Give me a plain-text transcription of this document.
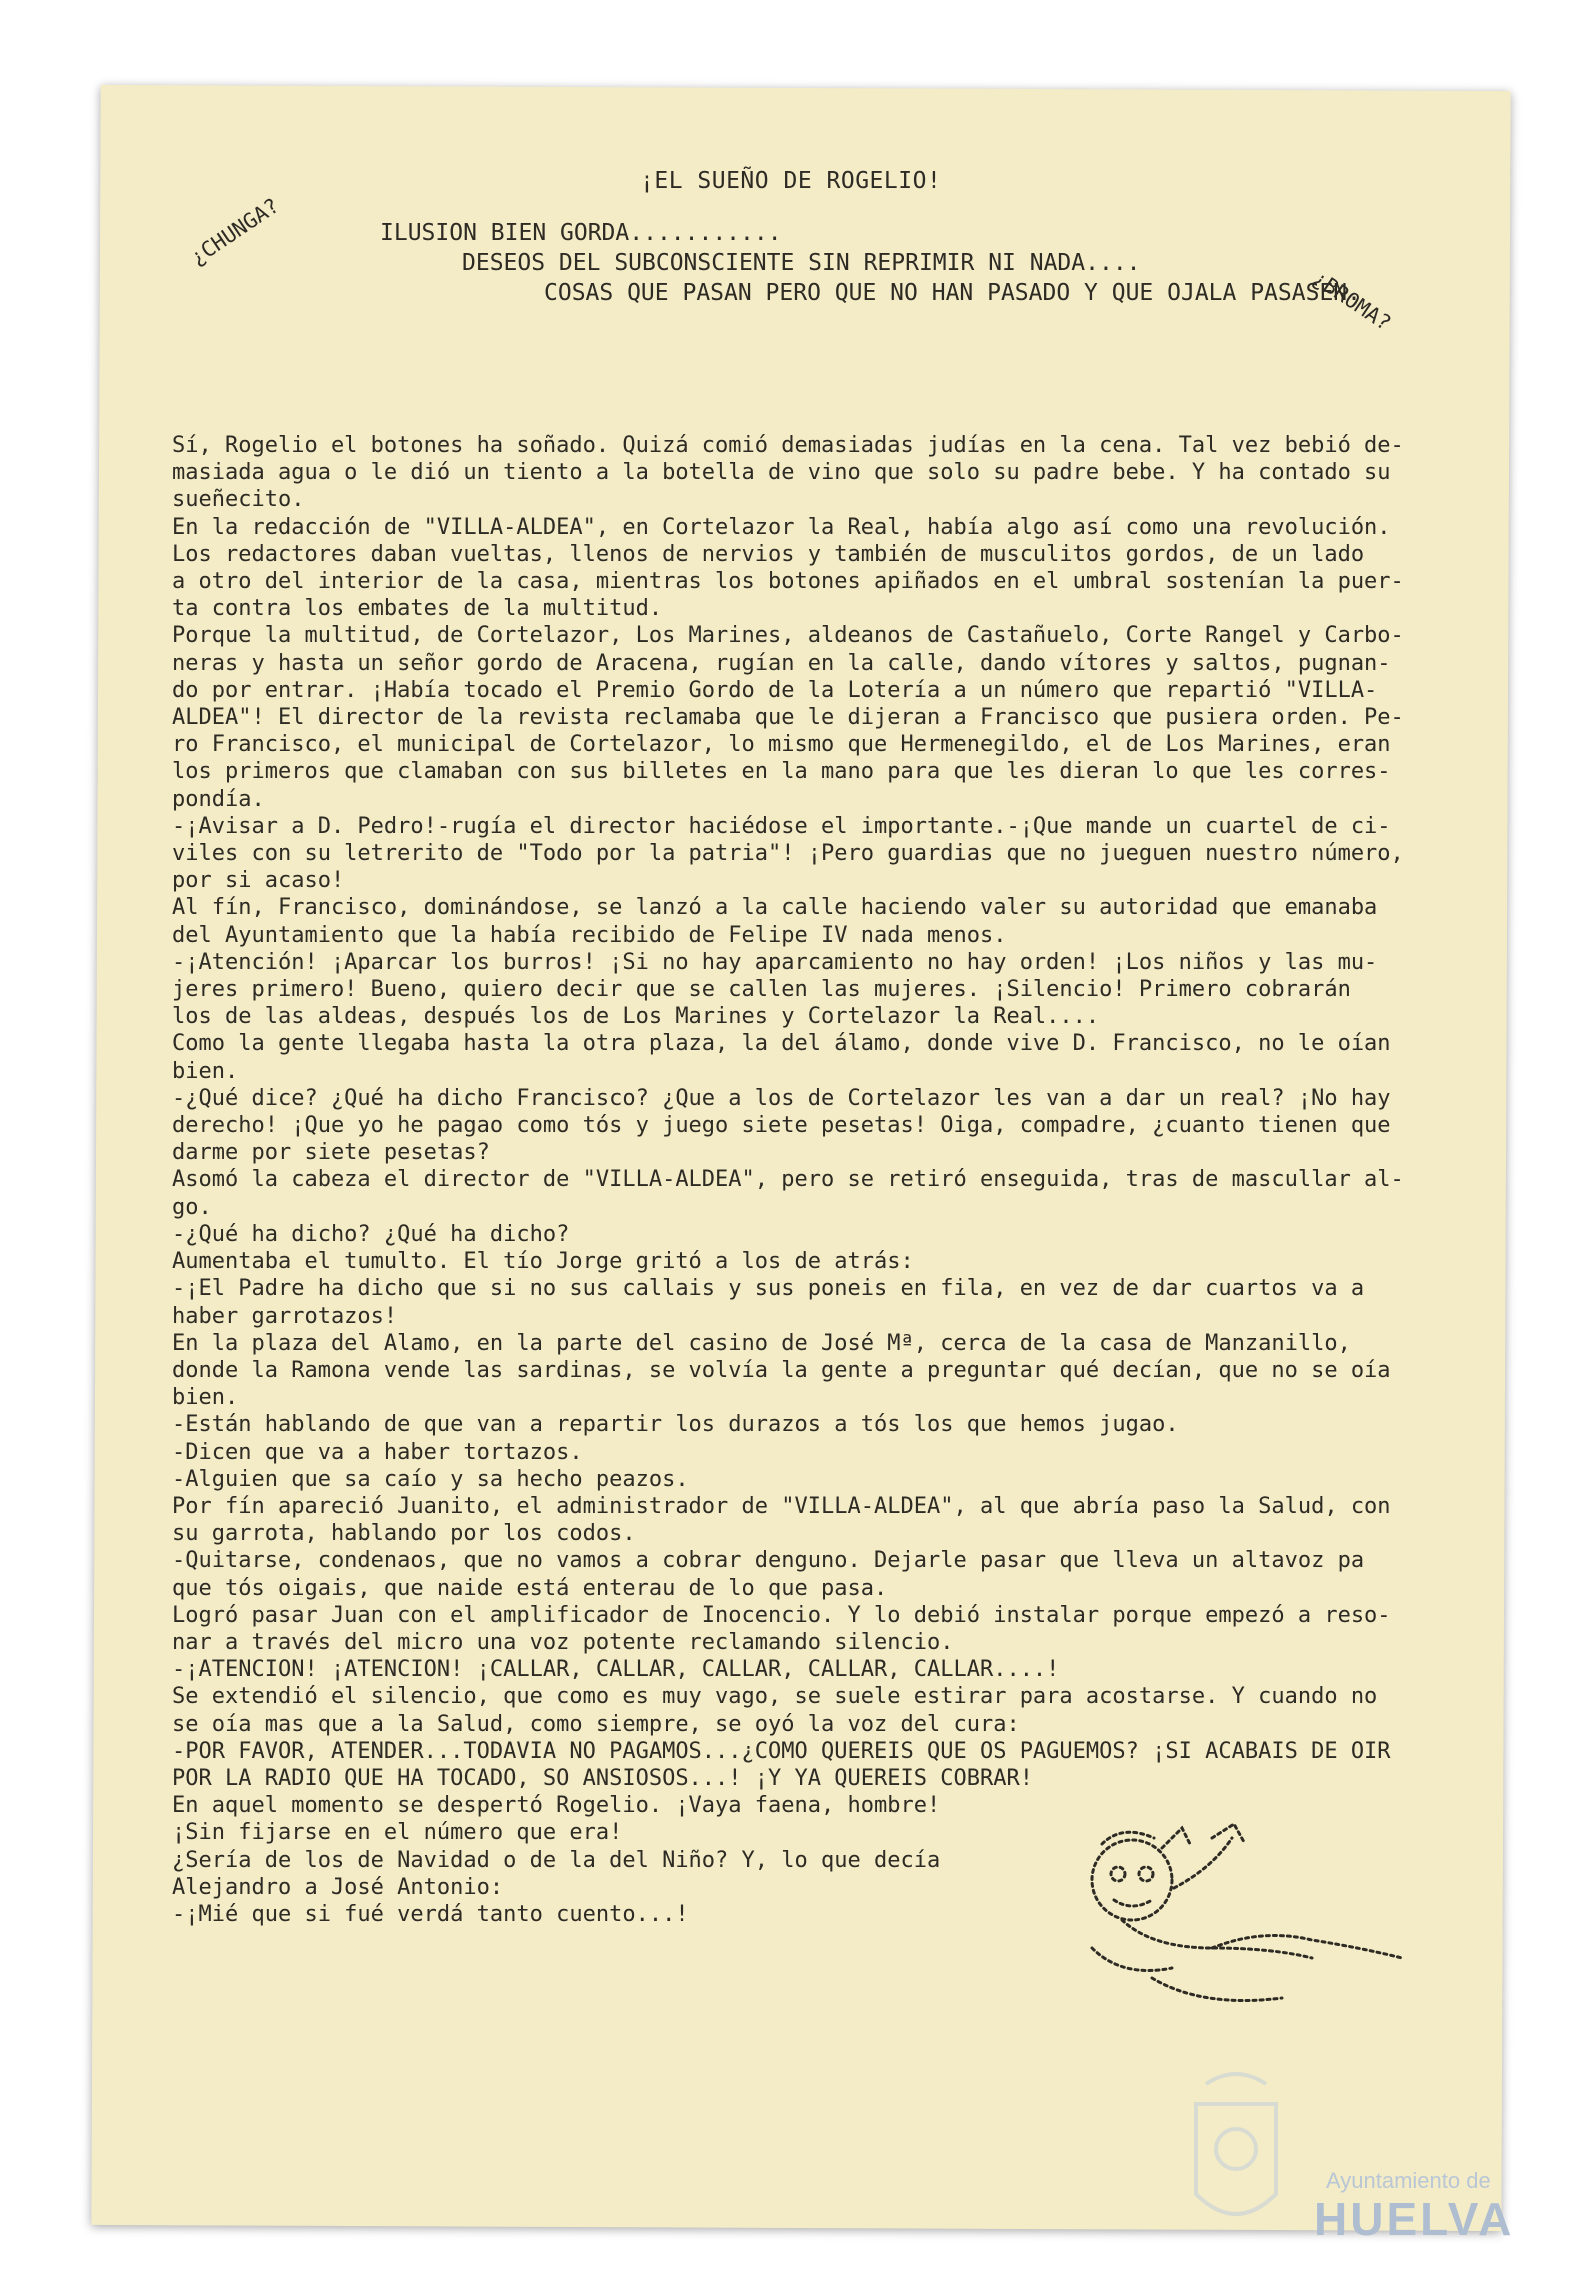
¡EL SUEÑO DE ROGELIO!

¿CHUNGA?

¿BROMA?

ILUSION BIEN GORDA...........

DESEOS DEL SUBCONSCIENTE SIN REPRIMIR NI NADA....

COSAS QUE PASAN PERO QUE NO HAN PASADO Y QUE OJALA PASASEN.

Sí, Rogelio el botones ha soñado. Quizá comió demasiadas judías en la cena. Tal vez bebió de-

masiada agua o le dió un tiento a la botella de vino que solo su padre bebe. Y ha contado su

sueñecito.

En la redacción de "VILLA-ALDEA", en Cortelazor la Real, había algo así como una revolución.

Los redactores daban vueltas, llenos de nervios y también de musculitos gordos, de un lado

a otro del interior de la casa, mientras los botones apiñados en el umbral sostenían la puer-

ta contra los embates de la multitud.

Porque la multitud, de Cortelazor, Los Marines, aldeanos de Castañuelo, Corte Rangel y Carbo-

neras y hasta un señor gordo de Aracena, rugían en la calle, dando vítores y saltos, pugnan-

do por entrar. ¡Había tocado el Premio Gordo de la Lotería a un número que repartió "VILLA-

ALDEA"! El director de la revista reclamaba que le dijeran a Francisco que pusiera orden. Pe-

ro Francisco, el municipal de Cortelazor, lo mismo que Hermenegildo, el de Los Marines, eran

los primeros que clamaban con sus billetes en la mano para que les dieran lo que les corres-

pondía.

-¡Avisar a D. Pedro!-rugía el director haciédose el importante.-¡Que mande un cuartel de ci-

viles con su letrerito de "Todo por la patria"! ¡Pero guardias que no jueguen nuestro número,

por si acaso!

Al fín, Francisco, dominándose, se lanzó a la calle haciendo valer su autoridad que emanaba

del Ayuntamiento que la había recibido de Felipe IV nada menos.

-¡Atención! ¡Aparcar los burros! ¡Si no hay aparcamiento no hay orden! ¡Los niños y las mu-

jeres primero! Bueno, quiero decir que se callen las mujeres. ¡Silencio! Primero cobrarán

los de las aldeas, después los de Los Marines y Cortelazor la Real....

Como la gente llegaba hasta la otra plaza, la del álamo, donde vive D. Francisco, no le oían

bien.

-¿Qué dice? ¿Qué ha dicho Francisco? ¿Que a los de Cortelazor les van a dar un real? ¡No hay

derecho! ¡Que yo he pagao como tós y juego siete pesetas! Oiga, compadre, ¿cuanto tienen que

darme por siete pesetas?

Asomó la cabeza el director de "VILLA-ALDEA", pero se retiró enseguida, tras de mascullar al-

go.

-¿Qué ha dicho? ¿Qué ha dicho?

Aumentaba el tumulto. El tío Jorge gritó a los de atrás:

-¡El Padre ha dicho que si no sus callais y sus poneis en fila, en vez de dar cuartos va a

haber garrotazos!

En la plaza del Alamo, en la parte del casino de José Mª, cerca de la casa de Manzanillo,

donde la Ramona vende las sardinas, se volvía la gente a preguntar qué decían, que no se oía

bien.

-Están hablando de que van a repartir los durazos a tós los que hemos jugao.

-Dicen que va a haber tortazos.

-Alguien que sa caío y sa hecho peazos.

Por fín apareció Juanito, el administrador de "VILLA-ALDEA", al que abría paso la Salud, con

su garrota, hablando por los codos.

-Quitarse, condenaos, que no vamos a cobrar denguno. Dejarle pasar que lleva un altavoz pa

que tós oigais, que naide está enterau de lo que pasa.

Logró pasar Juan con el amplificador de Inocencio. Y lo debió instalar porque empezó a reso-

nar a través del micro una voz potente reclamando silencio.

-¡ATENCION! ¡ATENCION! ¡CALLAR, CALLAR, CALLAR, CALLAR, CALLAR....!

Se extendió el silencio, que como es muy vago, se suele estirar para acostarse. Y cuando no

se oía mas que a la Salud, como siempre, se oyó la voz del cura:

-POR FAVOR, ATENDER...TODAVIA NO PAGAMOS...¿COMO QUEREIS QUE OS PAGUEMOS? ¡SI ACABAIS DE OIR

POR LA RADIO QUE HA TOCADO, SO ANSIOSOS...! ¡Y YA QUEREIS COBRAR!

En aquel momento se despertó Rogelio. ¡Vaya faena, hombre!

¡Sin fijarse en el número que era!

¿Sería de los de Navidad o de la del Niño? Y, lo que decía

Alejandro a José Antonio:

-¡Mié que si fué verdá tanto cuento...!

Ayuntamiento de

HUELVA
